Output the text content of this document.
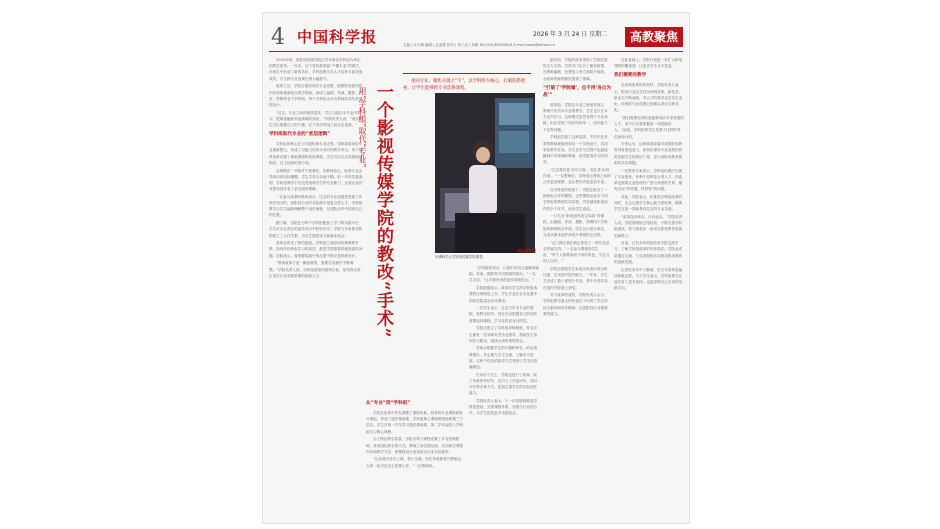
4 中国科学报	2026 年 3 月 24 日 星期二
主编 | 计红梅 编辑 | 孟凌霄 校对 | 何工农 | 刘聪 Tel:(010)62580618 E-mail:news@stimes.cn
高教聚焦

2025年秋，某影视传媒学院正式开始以学科组为单位的教学改革。一年后，这个曾经被质疑“不懂专业”的做法，在师生中形成了新的共识，学科组教学在人才培养方面初见成效，学生跨专业选课比例大幅提升。

改革之初，学院打破原有的专业设置，按照影视创作的内在规律重新组合教学资源，形成了编剧、导演、摄影、声音、剪辑等若干学科组，每个学科组由多名教师共同负责课程设计。

“过去，专业之间的壁垒很高，学生只能在本专业内学习，很难接触到其他领域的知识。”学院负责人说，“现在学生可以根据自己的兴趣，在不同学科组之间自由选课。”

学科组取代专业的“底层逻辑”

学科组的核心在于打破传统专业边界。学院将原来的专业重新整合，形成了以能力培养为导向的教学单元。每个学科组都设置了基础课程和拓展课程，学生可以在完成基础课程后，自主选择拓展方向。

这种做法一开始并不被看好。有教师担心，取消专业会导致培养目标模糊，学生学得太杂而不精。但一年的实践表明，学科组教学不仅没有削弱学生的专业能力，反而让他们对影视创作有了更全面的理解。

一位参与改革的教师表示，过去的专业设置是按照工作岗位划分的，而影视行业的实际需求是复合型人才。学科组教学让学生能够理解整个创作流程，在团队协作中找到自己的位置。

据了解，学院还为每个学科组配备了专门的实践平台，学生可以在真实的创作项目中检验所学。学院与多家影视机构建立了合作关系，为学生提供实习和就业机会。

改革也带来了新的挑战。学科组之间如何协调课程安排、如何评价跨组学习的成效，都是学院需要持续探索的问题。学院表示，将根据实践中的反馈不断完善制度设计。

“教育改革不是一蹴而就的，需要在实践中不断调整。”学院负责人说，学科组改革的最终目标，是培养出真正适应行业发展需要的创新人才。

用“学科组”取代“专业” 一个影视传媒学院的教改“手术”

重回专业、聚焦关键之“手”，以学科组为核心，打破院系壁垒，让学生能够跨专业选修课程。

丹佛科学大学影视传媒学院课堂。
受访者供图
从“专业”到“学科组”

学院在改革中首先调整了课程体系。原有的专业课程被拆分重组，形成了通识基础课、学科组核心课和跨组选修课三个层次。学生在第一学年学习通识基础课，第二学年起进入学科组学习核心课程。

为了保证教学质量，学院为每门课程设置了多名授课教师，采用团队教学的方式。教师之间定期交流，共同研讨课程内容和教学方法，使课程设计更加贴近行业实际需求。

“以前我们各自上课，很少交流。现在每周都要开教研会，大家一起讨论怎么把课上好。”一位教师说。

“学科组的设计，让我们有机会接触到编剧、导演、摄影等不同领域的知识。”一名学生说，“这对我后来的创作帮助很大。”

学院数据显示，改革后学生跨学科组选课的比例明显上升，学生作品在各类比赛中的获奖数量也有所增加。

一位学生表示，过去只学本专业的课程，视野比较窄。现在可以根据自己的创作需要选择课程，学习变得更有目的性。

学院还建立了学科组导师制度，每名学生都有一位导师负责学业指导，帮助学生规划学习路径，选择合适的课程组合。

导师会根据学生的兴趣和特长，给出选课建议，并定期与学生交流，了解学习进展。这种个性化的指导方式受到了学生的普遍欢迎。

在评价方式上，学院也进行了改革。除了传统的考试外，还引入了作品评价、项目评价等多种方式，更加注重学生的实际创作能力。

学院负责人表示，下一步将继续推进学科组建设，完善课程体系，加强与行业的合作，为学生创造更多实践机会。

据介绍，学院的改革得到了学校层面的大力支持。学校专门出台了配套政策，在教师编制、经费投入等方面给予倾斜，为改革的顺利推进提供了保障。

“打破了‘学院墙’，也不再‘各自为战’”

改革前，学院各专业之间相对独立，教师只负责本专业的教学，学生也只在本专业内学习。这种模式虽然有利于专业深耕，但也导致了知识结构单一、协作能力不足等问题。

学科组打破了这种局面。不同专业背景的教师被组织到同一个学科组中，共同承担教学任务。学生在学习过程中也能接触到不同领域的教师，获得更加多元的指导。

“过去我们是‘各自为战’，现在是‘协同作战’。”一位教师说，学科组让教师之间的合作更加紧密，也让教学内容更加丰富。

在学科组的框架下，学院还推出了一批跨组合作的课程。这些课程由来自不同学科组的教师共同讲授，内容涵盖影视创作的多个环节，深受学生欢迎。

一门名为“影视创作综合实践”的课程，由编剧、导演、摄影、剪辑四个学科组的教师联合开设。学生以小组为单位，完成从剧本创作到成片剪辑的全过程。

“这门课让我们真正体验了一部作品是怎样诞生的。”一名参与课程的学生说，“每个人都要承担不同的角色，学会与别人合作。”

学院还鼓励学生参加各类创作项目和比赛，在实践中提升能力。一年来，学生共完成了数十部短片作品，其中多部作品在国内外影展上获奖。

对于改革的成效，学院负责人认为，学科组教学最大的价值在于培养了学生的综合素养和协作精神，这是影视行业最需要的能力。

在此基础上，学院计划进一步扩大跨组课程的覆盖面，让更多学生从中受益。

我们需要的教学

在谈到改革的初衷时，学院负责人表示，影视行业正在经历深刻变革，新技术、新业态不断涌现，对人才的要求也在发生变化。传统的专业设置已经难以适应这种变化。

“我们需要培养的是能够适应未来发展的人才，而不仅仅是掌握某一项技能的人。”他说，学科组教学正是基于这样的考虑而设计的。

专家认为，这种改革探索对高校影视教育具有借鉴意义。如何在保持专业深度的同时拓展学生的知识广度，是当前影视教育面临的共同课题。

一位教育专家表示，学科组的做法打破了专业壁垒，有利于培养复合型人才。但改革也需要注意处理好广度与深度的关系，避免出现“样样通、样样松”的问题。

对此，学院表示，在推进学科组改革的同时，也会注重学生核心能力的培养，确保学生在某一领域具有扎实的专业功底。

“改革没有终点，只有起点。”学院负责人说，学院将继续总结经验，不断完善学科组建设，努力探索出一条适合影视教育发展的新路子。

目前，已有多所高校前来学院交流学习，了解学科组改革的具体做法。学院也希望通过交流，与兄弟院校共同推动影视教育的创新发展。

记者在采访中了解到，学生对改革普遍持积极态度。不少学生表示，学科组教学让他们有了更多选择，也更清楚自己未来的发展方向。
